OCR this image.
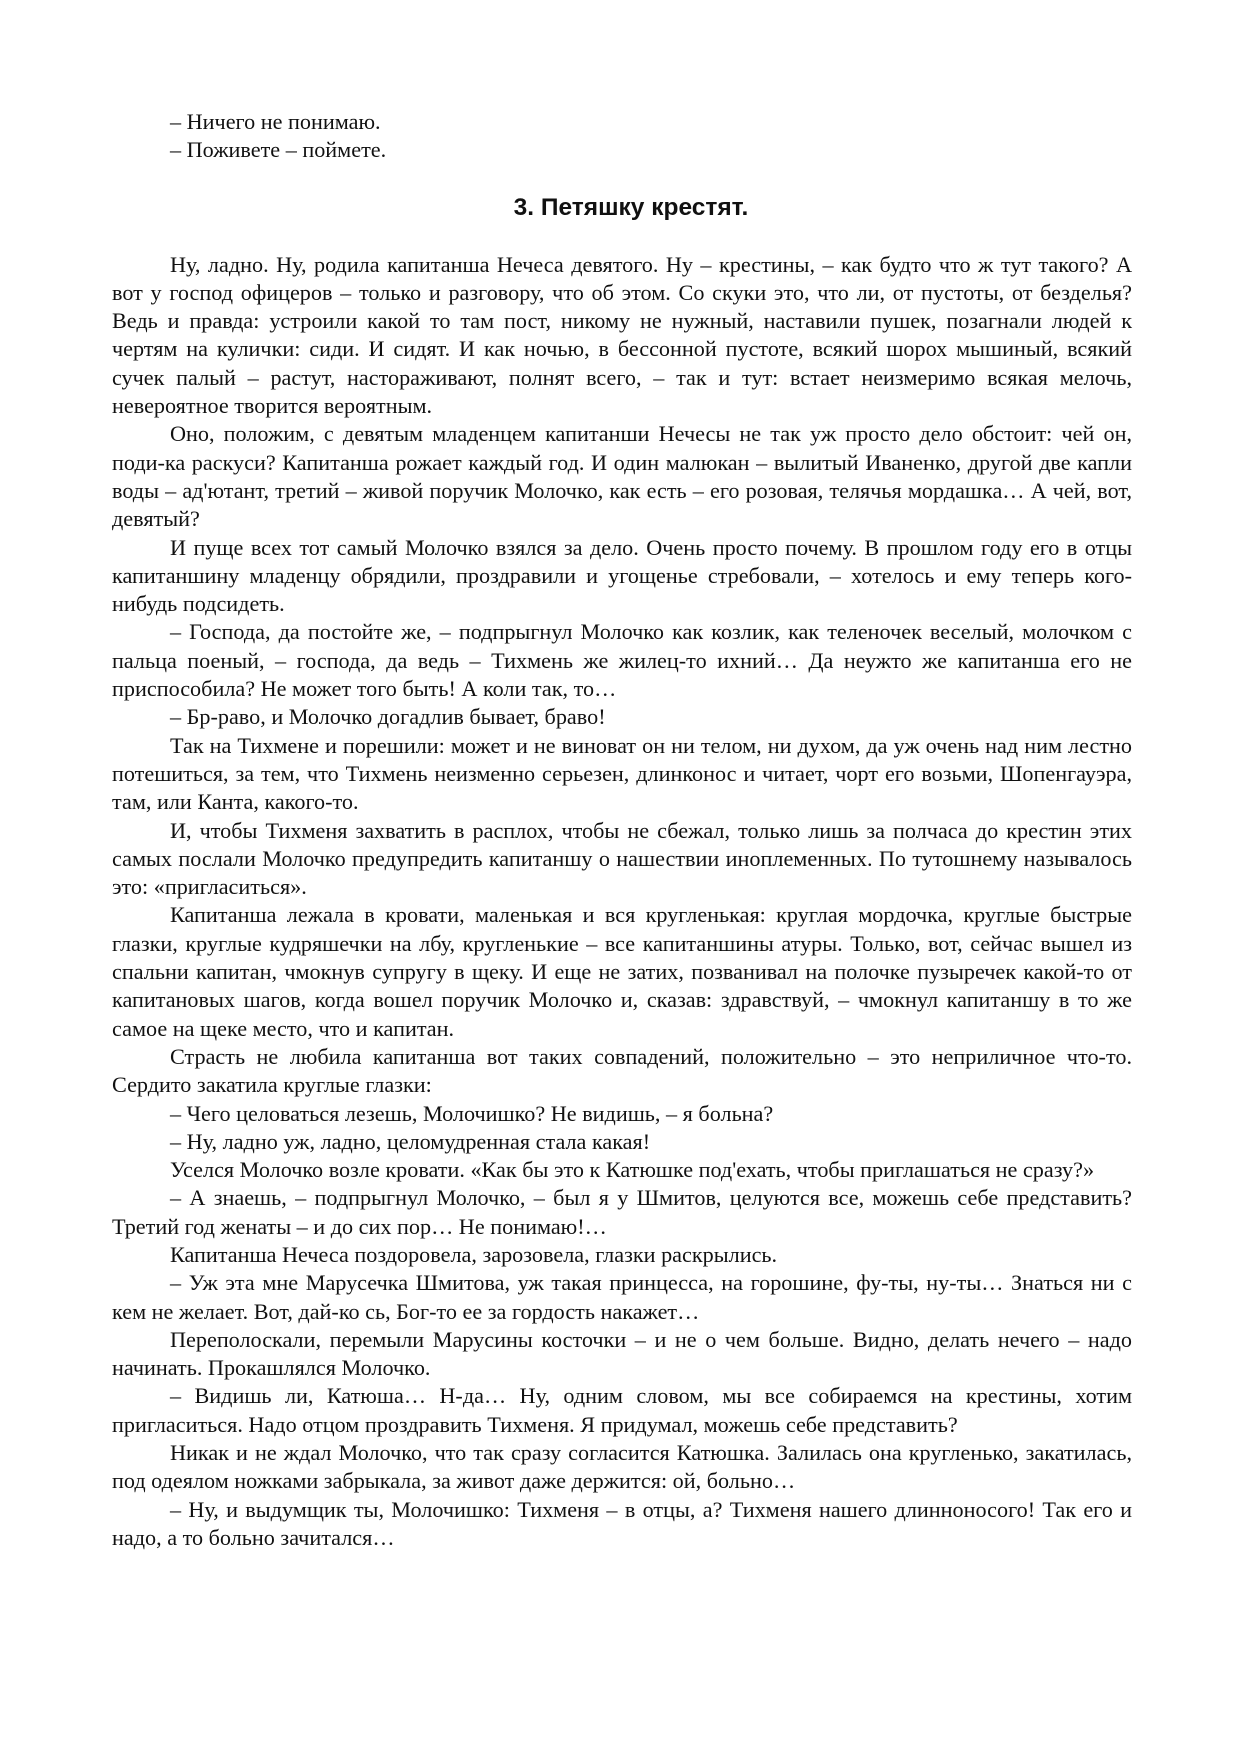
– Ничего не понимаю.

– Поживете – поймете.

3. Петяшку крестят.

Ну, ладно. Ну, родила капитанша Нечеса девятого. Ну – крестины, – как будто что ж тут такого? А вот у господ офицеров – только и разговору, что об этом. Со скуки это, что ли, от пустоты, от безделья? Ведь и правда: устроили какой то там пост, никому не нужный, наставили пушек, позагнали людей к чертям на кулички: сиди. И сидят. И как ночью, в бессонной пустоте, всякий шорох мышиный, всякий сучек палый – растут, настораживают, полнят всего, – так и тут: встает неизмеримо всякая мелочь, невероятное творится вероятным.

Оно, положим, с девятым младенцем капитанши Нечесы не так уж просто дело обстоит: чей он, поди-ка раскуси? Капитанша рожает каждый год. И один малюкан – вылитый Иваненко, другой две капли воды – ад'ютант, третий – живой поручик Молочко, как есть – его розовая, телячья мордашка… А чей, вот, девятый?

И пуще всех тот самый Молочко взялся за дело. Очень просто почему. В прошлом году его в отцы капитаншину младенцу обрядили, проздравили и угощенье стребовали, – хотелось и ему теперь кого-нибудь подсидеть.

– Господа, да постойте же, – подпрыгнул Молочко как козлик, как теленочек веселый, молочком с пальца поеный, – господа, да ведь – Тихмень же жилец-то ихний… Да неужто же капитанша его не приспособила? Не может того быть! А коли так, то…

– Бр-раво, и Молочко догадлив бывает, браво!

Так на Тихмене и порешили: может и не виноват он ни телом, ни духом, да уж очень над ним лестно потешиться, за тем, что Тихмень неизменно серьезен, длинконос и читает, чорт его возьми, Шопенгауэра, там, или Канта, какого-то.

И, чтобы Тихменя захватить в расплох, чтобы не сбежал, только лишь за полчаса до крестин этих самых послали Молочко предупредить капитаншу о нашествии иноплеменных. По тутошнему называлось это: «пригласиться».

Капитанша лежала в кровати, маленькая и вся кругленькая: круглая мордочка, круглые быстрые глазки, круглые кудряшечки на лбу, кругленькие – все капитаншины атуры. Только, вот, сейчас вышел из спальни капитан, чмокнув супругу в щеку. И еще не затих, позванивал на полочке пузыречек какой-то от капитановых шагов, когда вошел поручик Молочко и, сказав: здравствуй, – чмокнул капитаншу в то же самое на щеке место, что и капитан.

Страсть не любила капитанша вот таких совпадений, положительно – это неприличное что-то. Сердито закатила круглые глазки:

– Чего целоваться лезешь, Молочишко? Не видишь, – я больна?

– Ну, ладно уж, ладно, целомудренная стала какая!

Уселся Молочко возле кровати. «Как бы это к Катюшке под'ехать, чтобы приглашаться не сразу?»

– А знаешь, – подпрыгнул Молочко, – был я у Шмитов, целуются все, можешь себе представить? Третий год женаты – и до сих пор… Не понимаю!…

Капитанша Нечеса поздоровела, зарозовела, глазки раскрылись.

– Уж эта мне Марусечка Шмитова, уж такая принцесса, на горошине, фу-ты, ну-ты… Знаться ни с кем не желает. Вот, дай-ко сь, Бог-то ее за гордость накажет…

Переполоскали, перемыли Марусины косточки – и не о чем больше. Видно, делать нечего – надо начинать. Прокашлялся Молочко.

– Видишь ли, Катюша… Н-да… Ну, одним словом, мы все собираемся на крестины, хотим пригласиться. Надо отцом проздравить Тихменя. Я придумал, можешь себе представить?

Никак и не ждал Молочко, что так сразу согласится Катюшка. Залилась она кругленько, закатилась, под одеялом ножками забрыкала, за живот даже держится: ой, больно…

– Ну, и выдумщик ты, Молочишко: Тихменя – в отцы, а? Тихменя нашего длинноносого! Так его и надо, а то больно зачитался…
